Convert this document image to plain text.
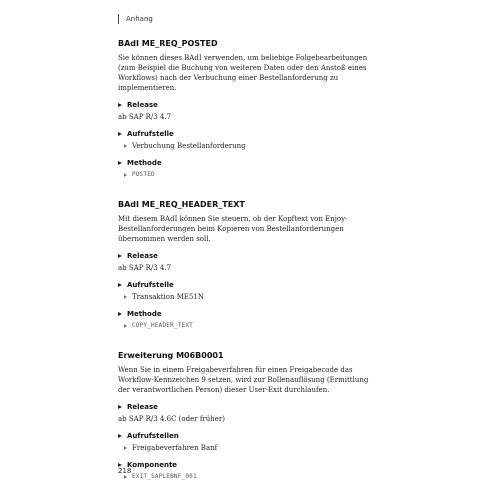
Anhang
BAdI ME_REQ_POSTED

Sie können dieses BAdI verwenden, um beliebige Folgebearbeitungen (zum Beispiel die Buchung von weiteren Daten oder den Anstoß eines Workflows) nach der Verbuchung einer Bestellanforderung zu implementieren.

Release
ab SAP R/3 4.7
Aufrufstelle
Verbuchung Bestellanforderung
Methode
POSTED
BAdI ME_REQ_HEADER_TEXT

Mit diesem BAdI können Sie steuern, ob der Kopftext von Enjoy-Bestellanforderungen beim Kopieren von Bestellanforderungen übernommen werden soll.

Release
ab SAP R/3 4.7
Aufrufstelle
Transaktion ME51N
Methode
COPY_HEADER_TEXT
Erweiterung M06B0001

Wenn Sie in einem Freigabeverfahren für einen Freigabecode das Workflow-Kennzeichen 9 setzen, wird zur Rollenauflösung (Ermittlung der verantwortlichen Person) dieser User-Exit durchlaufen.

Release
ab SAP R/3 4.6C (oder früher)
Aufrufstellen
Freigabeverfahren Banf
Komponente
EXIT_SAPLEBNF_001
218
